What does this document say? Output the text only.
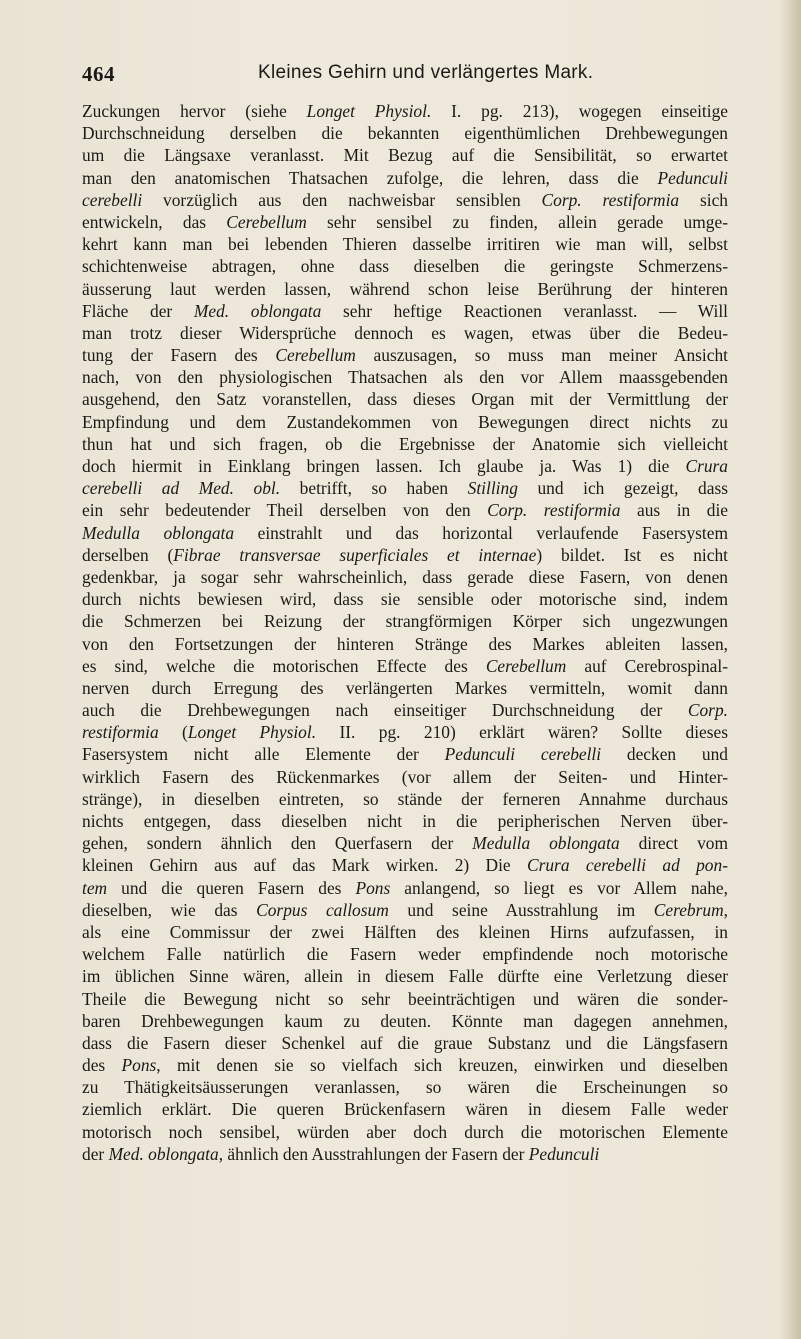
464	Kleines Gehirn und verlängertes Mark.
Zuckungen hervor (siehe Longet Physiol. I. pg. 213), wogegen einseitige
Durchschneidung derselben die bekannten eigenthümlichen Drehbewegungen
um die Längsaxe veranlasst. Mit Bezug auf die Sensibilität, so erwartet
man den anatomischen Thatsachen zufolge, die lehren, dass die Pedunculi
cerebelli vorzüglich aus den nachweisbar sensiblen Corp. restiformia sich
entwickeln, das Cerebellum sehr sensibel zu finden, allein gerade umge-
kehrt kann man bei lebenden Thieren dasselbe irritiren wie man will, selbst
schichtenweise abtragen, ohne dass dieselben die geringste Schmerzens-
äusserung laut werden lassen, während schon leise Berührung der hinteren
Fläche der Med. oblongata sehr heftige Reactionen veranlasst. — Will
man trotz dieser Widersprüche dennoch es wagen, etwas über die Bedeu-
tung der Fasern des Cerebellum auszusagen, so muss man meiner Ansicht
nach, von den physiologischen Thatsachen als den vor Allem maassgebenden
ausgehend, den Satz voranstellen, dass dieses Organ mit der Vermittlung der
Empfindung und dem Zustandekommen von Bewegungen direct nichts zu
thun hat und sich fragen, ob die Ergebnisse der Anatomie sich vielleicht
doch hiermit in Einklang bringen lassen. Ich glaube ja. Was 1) die Crura
cerebelli ad Med. obl. betrifft, so haben Stilling und ich gezeigt, dass
ein sehr bedeutender Theil derselben von den Corp. restiformia aus in die
Medulla oblongata einstrahlt und das horizontal verlaufende Fasersystem
derselben (Fibrae transversae superficiales et internae) bildet. Ist es nicht
gedenkbar, ja sogar sehr wahrscheinlich, dass gerade diese Fasern, von denen
durch nichts bewiesen wird, dass sie sensible oder motorische sind, indem
die Schmerzen bei Reizung der strangförmigen Körper sich ungezwungen
von den Fortsetzungen der hinteren Stränge des Markes ableiten lassen,
es sind, welche die motorischen Effecte des Cerebellum auf Cerebrospinal-
nerven durch Erregung des verlängerten Markes vermitteln, womit dann
auch die Drehbewegungen nach einseitiger Durchschneidung der Corp.
restiformia (Longet Physiol. II. pg. 210) erklärt wären? Sollte dieses
Fasersystem nicht alle Elemente der Pedunculi cerebelli decken und
wirklich Fasern des Rückenmarkes (vor allem der Seiten- und Hinter-
stränge), in dieselben eintreten, so stände der ferneren Annahme durchaus
nichts entgegen, dass dieselben nicht in die peripherischen Nerven über-
gehen, sondern ähnlich den Querfasern der Medulla oblongata direct vom
kleinen Gehirn aus auf das Mark wirken. 2) Die Crura cerebelli ad pon-
tem und die queren Fasern des Pons anlangend, so liegt es vor Allem nahe,
dieselben, wie das Corpus callosum und seine Ausstrahlung im Cerebrum,
als eine Commissur der zwei Hälften des kleinen Hirns aufzufassen, in
welchem Falle natürlich die Fasern weder empfindende noch motorische
im üblichen Sinne wären, allein in diesem Falle dürfte eine Verletzung dieser
Theile die Bewegung nicht so sehr beeinträchtigen und wären die sonder-
baren Drehbewegungen kaum zu deuten. Könnte man dagegen annehmen,
dass die Fasern dieser Schenkel auf die graue Substanz und die Längsfasern
des Pons, mit denen sie so vielfach sich kreuzen, einwirken und dieselben
zu Thätigkeitsäusserungen veranlassen, so wären die Erscheinungen so
ziemlich erklärt. Die queren Brückenfasern wären in diesem Falle weder
motorisch noch sensibel, würden aber doch durch die motorischen Elemente
der Med. oblongata, ähnlich den Ausstrahlungen der Fasern der Pedunculi
